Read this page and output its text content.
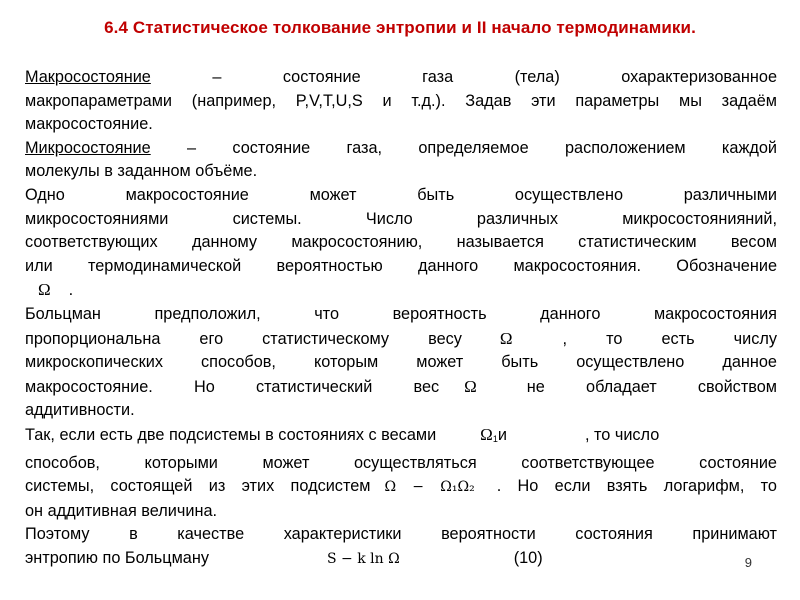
6.4 Статистическое толкование энтропии и II начало термодинамики.

Макросостояние	– состояние газа (тела) охарактеризованное

макропараметрами (например, P,V,T,U,S и т.д.). Задав эти параметры мы задаём

макросостояние.

Микросостояние – состояние газа, определяемое расположением каждой

молекулы в заданном объёме.

Одно макросостояние может быть осуществлено различными

микросостояниями системы. Число различных микросостоянияний,

соответствующих данному макросостоянию, называется статистическим весом

или термодинамической вероятностью данного макросостояния. Обозначение

Ω .

Больцман предположил, что вероятность данного макросостояния

пропорциональна его статистическому весу Ω	, то есть числу

микроскопических способов, которым может быть осуществлено данное

макросостояние. Но статистический вес Ω	не обладает свойством

аддитивности.

Так, если есть две подсистемы в состояниях с весами	$\Omega_1и$	, то число

способов, которыми может осуществляться соответствующее состояние

системы, состоящей из этих подсистем Ω − Ω₁Ω₂ . Но если взять логарифм, то

он аддитивная величина.

Поэтому в качестве характеристики вероятности состояния принимают

энтропию по Больцману	S − k ln Ω	(10)	9
